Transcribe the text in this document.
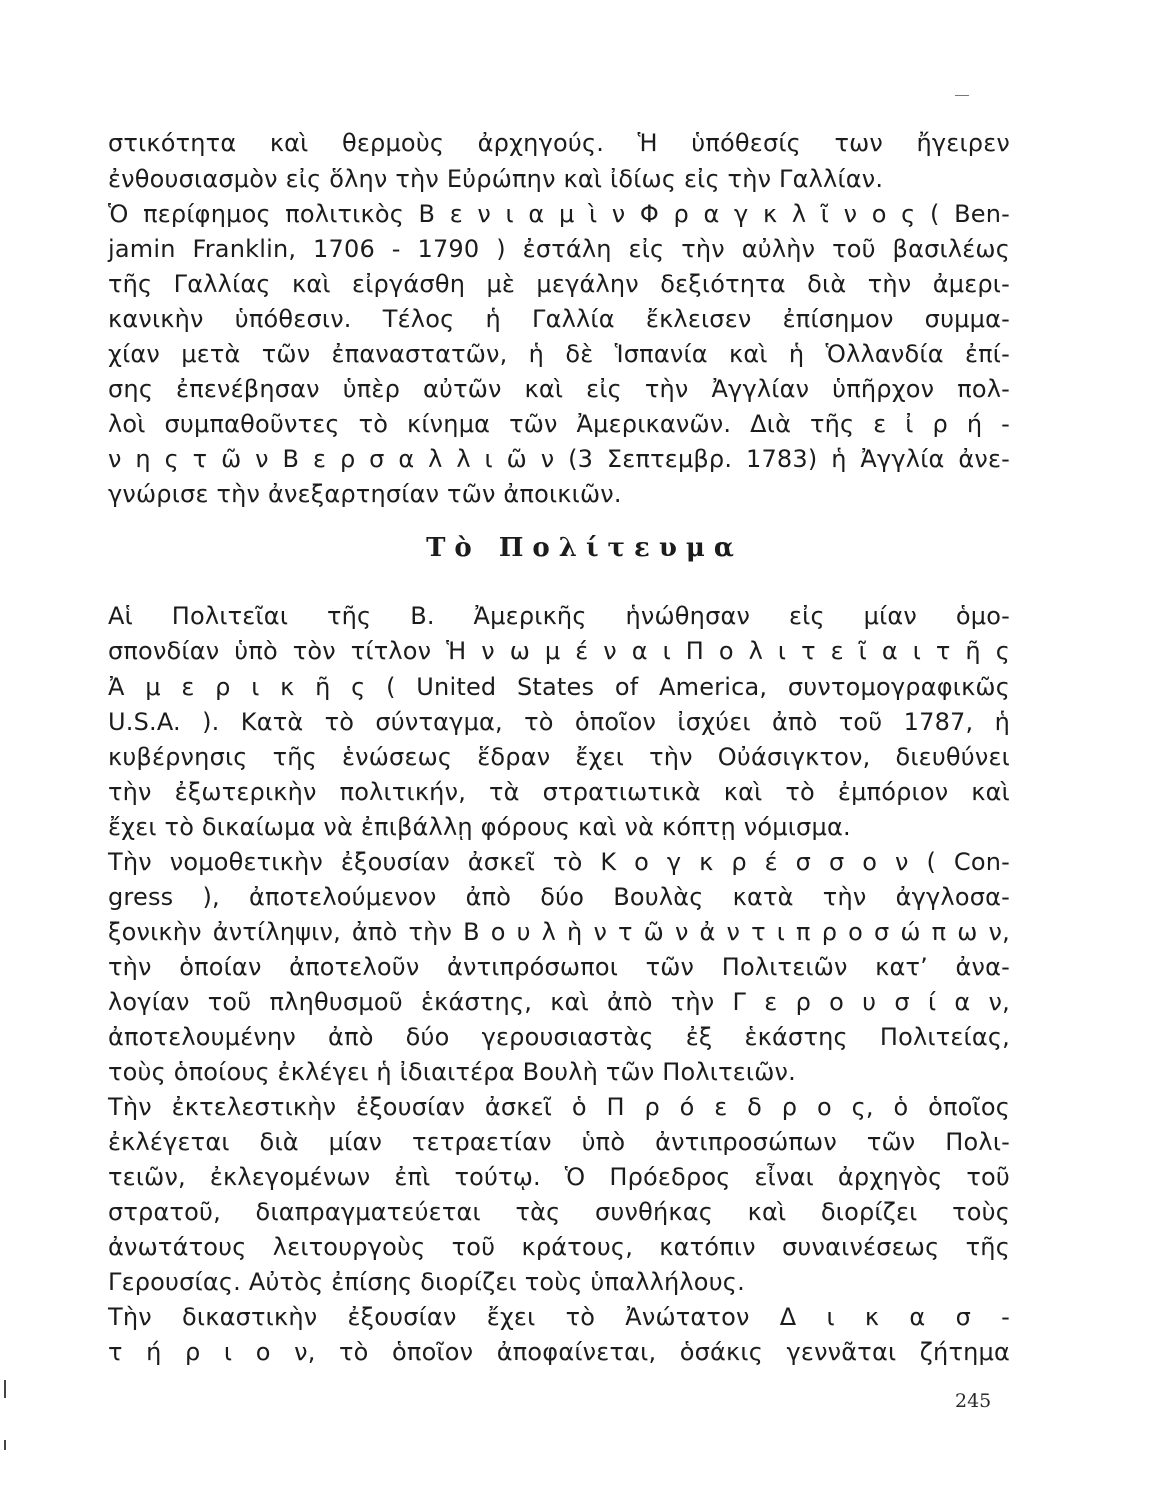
στικότητα καὶ θερμοὺς ἀρχηγούς. Ἡ ὑπόθεσίς των ἤγειρεν
ἐνθουσιασμὸν εἰς ὅλην τὴν Εὐρώπην καὶ ἰδίως εἰς τὴν Γαλλίαν.
Ὁ περίφημος πολιτικὸς Β ε ν ι α μ ὶ ν Φ ρ α γ κ λ ῖ ν ο ς ( Ben-
jamin Franklin, 1706 - 1790 ) ἐστάλη εἰς τὴν αὐλὴν τοῦ βασιλέως
τῆς Γαλλίας καὶ εἰργάσθη μὲ μεγάλην δεξιότητα διὰ τὴν ἀμερι-
κανικὴν ὑπόθεσιν. Τέλος ἡ Γαλλία ἔκλεισεν ἐπίσημον συμμα-
χίαν μετὰ τῶν ἐπαναστατῶν, ἡ δὲ Ἱσπανία καὶ ἡ Ὁλλανδία ἐπί-
σης ἐπενέβησαν ὑπὲρ αὐτῶν καὶ εἰς τὴν Ἀγγλίαν ὑπῆρχον πολ-
λοὶ συμπαθοῦντες τὸ κίνημα τῶν Ἀμερικανῶν. Διὰ τῆς ε ἰ ρ ή -
ν η ς τ ῶ ν Β ε ρ σ α λ λ ι ῶ ν (3 Σεπτεμβρ. 1783) ἡ Ἀγγλία ἀνε-
γνώρισε τὴν ἀνεξαρτησίαν τῶν ἀποικιῶν.
Τὸ Πολίτευμα
Αἱ Πολιτεῖαι τῆς Β. Ἀμερικῆς ἡνώθησαν εἰς μίαν ὁμο-
σπονδίαν ὑπὸ τὸν τίτλον Ἡ ν ω μ έ ν α ι Π ο λ ι τ ε ῖ α ι τ ῆ ς
Ἀ μ ε ρ ι κ ῆ ς ( United States of America, συντομογραφικῶς
U.S.A. ). Κατὰ τὸ σύνταγμα, τὸ ὁποῖον ἰσχύει ἀπὸ τοῦ 1787, ἡ
κυβέρνησις τῆς ἑνώσεως ἕδραν ἔχει τὴν Οὐάσιγκτον, διευθύνει
τὴν ἐξωτερικὴν πολιτικήν, τὰ στρατιωτικὰ καὶ τὸ ἐμπόριον καὶ
ἔχει τὸ δικαίωμα νὰ ἐπιβάλλῃ φόρους καὶ νὰ κόπτῃ νόμισμα.
Τὴν νομοθετικὴν ἐξουσίαν ἀσκεῖ τὸ Κ ο γ κ ρ έ σ σ ο ν ( Con-
gress ), ἀποτελούμενον ἀπὸ δύο Βουλὰς κατὰ τὴν ἀγγλοσα-
ξονικὴν ἀντίληψιν, ἀπὸ τὴν Β ο υ λ ὴ ν τ ῶ ν ἀ ν τ ι π ρ ο σ ώ π ω ν,
τὴν ὁποίαν ἀποτελοῦν ἀντιπρόσωποι τῶν Πολιτειῶν κατ’ ἀνα-
λογίαν τοῦ πληθυσμοῦ ἑκάστης, καὶ ἀπὸ τὴν Γ ε ρ ο υ σ ί α ν,
ἀποτελουμένην ἀπὸ δύο γερουσιαστὰς ἐξ ἑκάστης Πολιτείας,
τοὺς ὁποίους ἐκλέγει ἡ ἰδιαιτέρα Βουλὴ τῶν Πολιτειῶν.
Τὴν ἐκτελεστικὴν ἐξουσίαν ἀσκεῖ ὁ Π ρ ό ε δ ρ ο ς, ὁ ὁποῖος
ἐκλέγεται διὰ μίαν τετραετίαν ὑπὸ ἀντιπροσώπων τῶν Πολι-
τειῶν, ἐκλεγομένων ἐπὶ τούτῳ. Ὁ Πρόεδρος εἶναι ἀρχηγὸς τοῦ
στρατοῦ, διαπραγματεύεται τὰς συνθήκας καὶ διορίζει τοὺς
ἀνωτάτους λειτουργοὺς τοῦ κράτους, κατόπιν συναινέσεως τῆς
Γερουσίας. Αὐτὸς ἐπίσης διορίζει τοὺς ὑπαλλήλους.
Τὴν δικαστικὴν ἐξουσίαν ἔχει τὸ Ἀνώτατον Δ ι κ α σ -
τ ή ρ ι ο ν, τὸ ὁποῖον ἀποφαίνεται, ὁσάκις γεννᾶται ζήτημα
245
